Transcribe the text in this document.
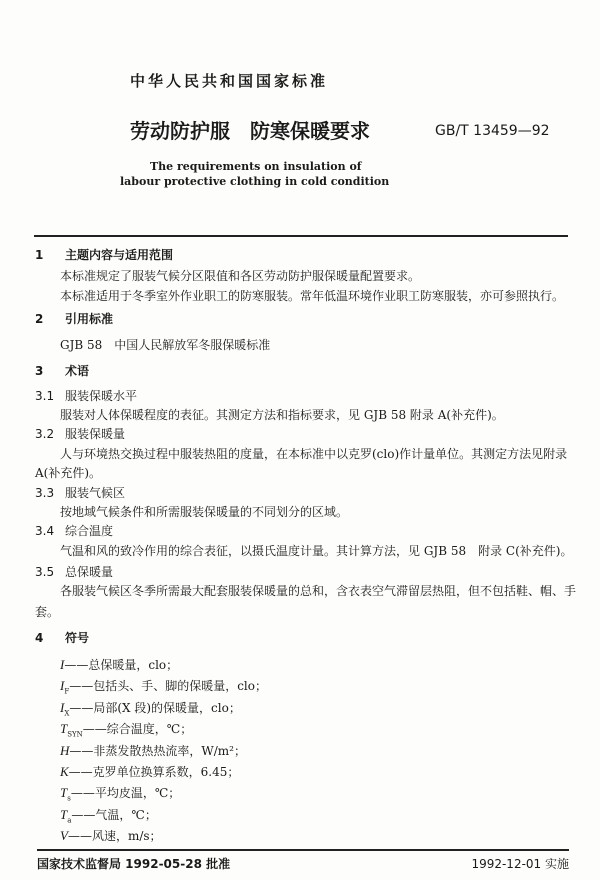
中华人民共和国国家标准
劳动防护服　防寒保暖要求	GB/T 13459—92
The requirements on insulation of
labour protective clothing in cold condition
1 主题内容与适用范围
本标准规定了服装气候分区限值和各区劳动防护服保暖量配置要求。
本标准适用于冬季室外作业职工的防寒服装。常年低温环境作业职工防寒服装，亦可参照执行。
2 引用标准
GJB 58　中国人民解放军冬服保暖标准
3 术语
3.1 服装保暖水平
服装对人体保暖程度的表征。其测定方法和指标要求，见 GJB 58 附录 A(补充件)。
3.2 服装保暖量
人与环境热交换过程中服装热阻的度量，在本标准中以克罗(clo)作计量单位。其测定方法见附录
A(补充件)。
3.3 服装气候区
按地域气候条件和所需服装保暖量的不同划分的区域。
3.4 综合温度
气温和风的致冷作用的综合表征，以摄氏温度计量。其计算方法，见 GJB 58　附录 C(补充件)。
3.5 总保暖量
各服装气候区冬季所需最大配套服装保暖量的总和，含衣表空气滞留层热阻，但不包括鞋、帽、手
套。
4 符号
I——总保暖量，clo；
$I_F——$包括头、手、脚的保暖量，clo；
$I_X——$局部(X 段)的保暖量，clo；
$T_{SYN}——$综合温度，℃；
H——非蒸发散热热流率，W/m²；
K——克罗单位换算系数，6.45；
$T_s——$平均皮温，℃；
$T_a——$气温，℃；
V——风速，m/s；
国家技术监督局 1992-05-28 批准	1992-12-01 实施
